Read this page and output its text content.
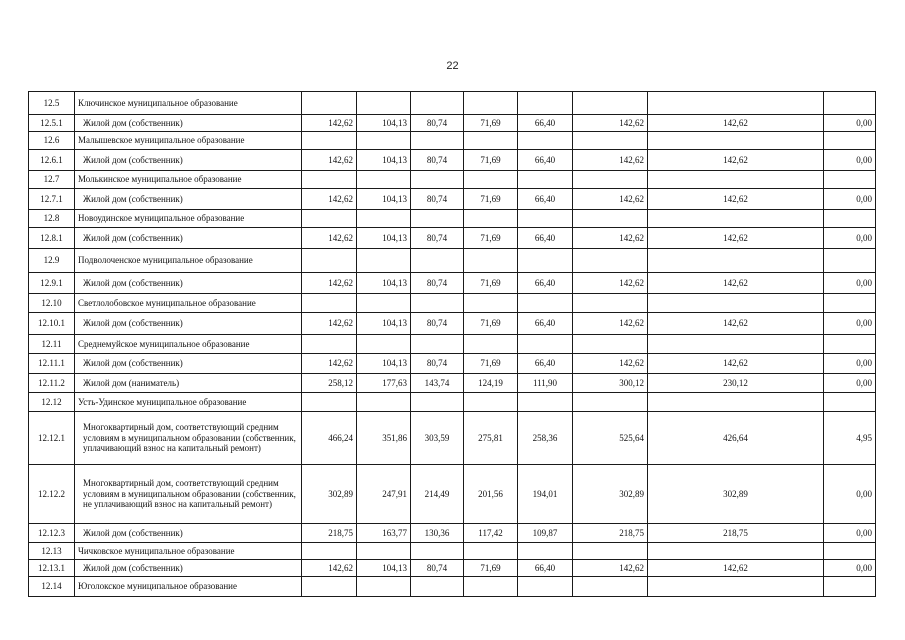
22
12.5	Ключинское муниципальное образование								
12.5.1	Жилой дом (собственник)	142,62	104,13	80,74	71,69	66,40	142,62	142,62	0,00
12.6	Малышевское муниципальное образование								
12.6.1	Жилой дом (собственник)	142,62	104,13	80,74	71,69	66,40	142,62	142,62	0,00
12.7	Молькинское муниципальное образование								
12.7.1	Жилой дом (собственник)	142,62	104,13	80,74	71,69	66,40	142,62	142,62	0,00
12.8	Новоудинское муниципальное образование								
12.8.1	Жилой дом (собственник)	142,62	104,13	80,74	71,69	66,40	142,62	142,62	0,00
12.9	Подволоченское муниципальное образование								
12.9.1	Жилой дом (собственник)	142,62	104,13	80,74	71,69	66,40	142,62	142,62	0,00
12.10	Светлолобовское муниципальное образование								
12.10.1	Жилой дом (собственник)	142,62	104,13	80,74	71,69	66,40	142,62	142,62	0,00
12.11	Среднемуйское муниципальное образование								
12.11.1	Жилой дом (собственник)	142,62	104,13	80,74	71,69	66,40	142,62	142,62	0,00
12.11.2	Жилой дом (наниматель)	258,12	177,63	143,74	124,19	111,90	300,12	230,12	0,00
12.12	Усть-Удинское муниципальное образование								
12.12.1	Многоквартирный дом, соответствующий средним условиям в муниципальном образовании (собственник, уплачивающий взнос на капитальный ремонт)	466,24	351,86	303,59	275,81	258,36	525,64	426,64	4,95
12.12.2	Многоквартирный дом, соответствующий средним условиям в муниципальном образовании (собственник, не уплачивающий взнос на капитальный ремонт)	302,89	247,91	214,49	201,56	194,01	302,89	302,89	0,00
12.12.3	Жилой дом (собственник)	218,75	163,77	130,36	117,42	109,87	218,75	218,75	0,00
12.13	Чичковское муниципальное образование								
12.13.1	Жилой дом (собственник)	142,62	104,13	80,74	71,69	66,40	142,62	142,62	0,00
12.14	Юголокское муниципальное образование								
